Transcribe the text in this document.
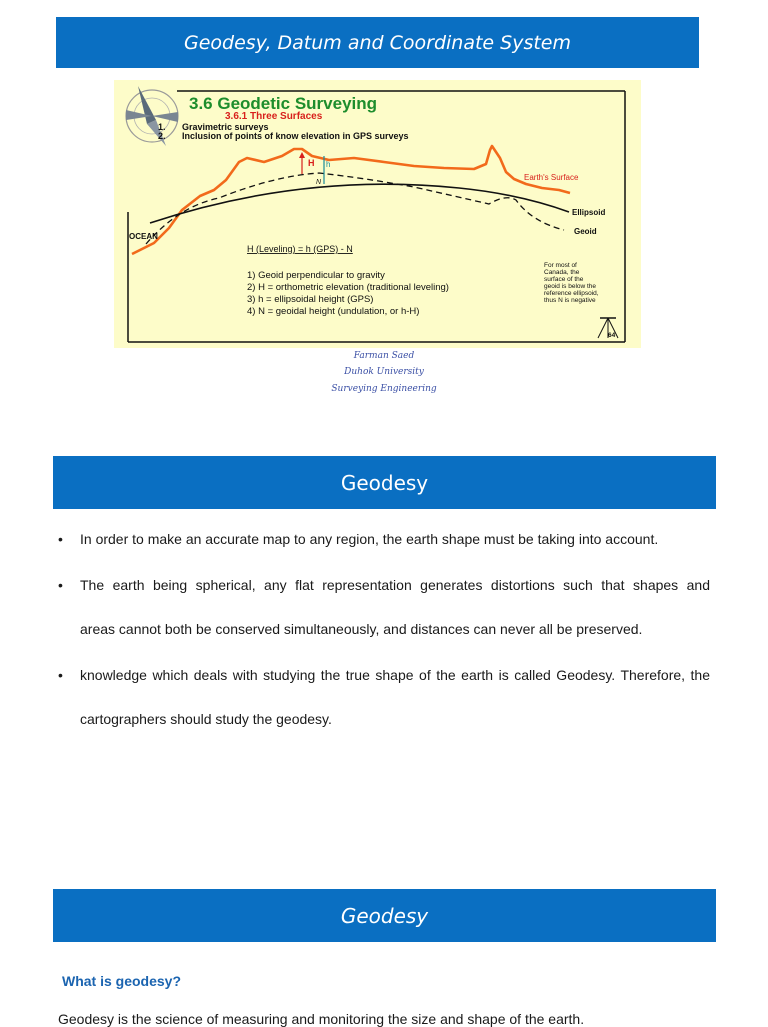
Geodesy, Datum and Coordinate System
3.6 Geodetic Surveying
3.6.1 Three Surfaces
1. Gravimetric surveys
2. Inclusion of points of know elevation in GPS surveys
H h
N
Earth's Surface
Ellipsoid
Geoid
OCEAN
H (Leveling) = h (GPS) - N
1) Geoid perpendicular to gravity
2) H = orthometric elevation (traditional leveling)
3) h = ellipsoidal height (GPS)
4) N = geoidal height (undulation, or h-H)
For most of
Canada, the
surface of the
geoid is below the
reference ellipsoid,
thus N is negative
64
Farman Saed
Duhok University
Surveying Engineering
Geodesy
• In order to make an accurate map to any region, the earth shape must be taking into account.
• The earth being spherical, any flat representation generates distortions such that shapes and
areas cannot both be conserved simultaneously, and distances can never all be preserved.
• knowledge which deals with studying the true shape of the earth is called Geodesy. Therefore, the
cartographers should study the geodesy.
Geodesy
What is geodesy?
Geodesy is the science of measuring and monitoring the size and shape of the earth.
